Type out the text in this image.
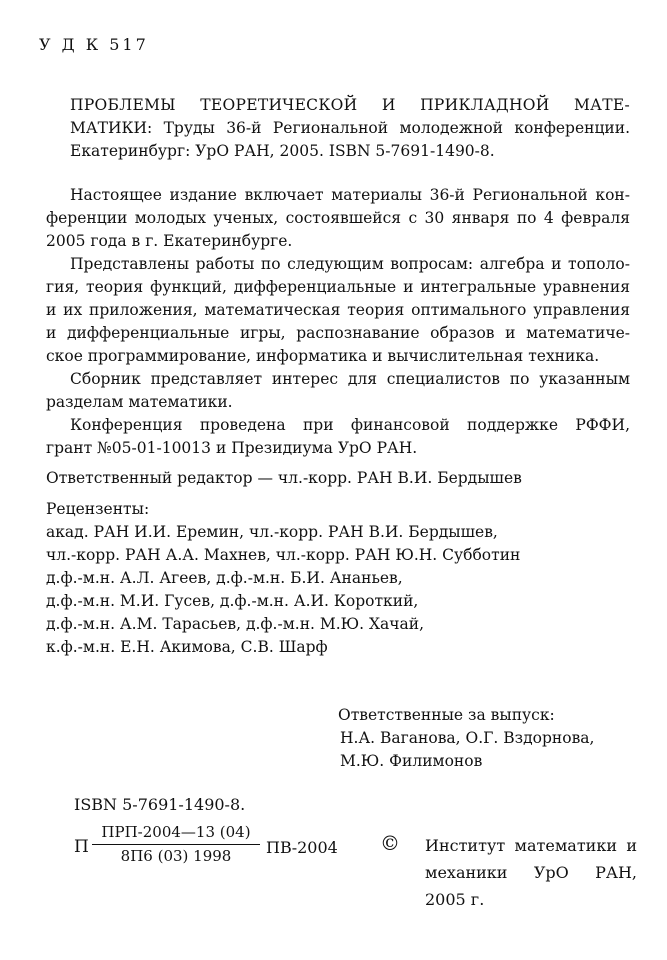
У Д К 517
ПРОБЛЕМЫ ТЕОРЕТИЧЕСКОЙ И ПРИКЛАДНОЙ МАТЕ-
МАТИКИ: Труды 36-й Региональной молодежной конференции.
Екатеринбург: УрО РАН, 2005. ISBN 5-7691-1490-8.
Настоящее издание включает материалы 36-й Региональной кон-
ференции молодых ученых, состоявшейся с 30 января по 4 февраля
2005 года в г. Екатеринбурге.
Представлены работы по следующим вопросам: алгебра и тополо-
гия, теория функций, дифференциальные и интегральные уравнения
и их приложения, математическая теория оптимального управления
и дифференциальные игры, распознавание образов и математиче-
ское программирование, информатика и вычислительная техника.
Сборник представляет интерес для специалистов по указанным
разделам математики.
Конференция проведена при финансовой поддержке РФФИ,
грант №05-01-10013 и Президиума УрО РАН.
Ответственный редактор — чл.-корр. РАН В.И. Бердышев
Рецензенты:
акад. РАН И.И. Еремин, чл.-корр. РАН В.И. Бердышев,
чл.-корр. РАН А.А. Махнев, чл.-корр. РАН Ю.Н. Субботин
д.ф.-м.н. А.Л. Агеев, д.ф.-м.н. Б.И. Ананьев,
д.ф.-м.н. М.И. Гусев, д.ф.-м.н. А.И. Короткий,
д.ф.-м.н. А.М. Тарасьев, д.ф.-м.н. М.Ю. Хачай,
к.ф.-м.н. Е.Н. Акимова, С.В. Шарф
Ответственные за выпуск:
Н.А. Ваганова, О.Г. Вздорнова,
М.Ю. Филимонов
ISBN 5-7691-1490-8.
П
ПРП-2004—13 (04)
8П6 (03) 1998	ПВ-2004 © Институт математики и
механики УрО РАН,
2005 г.
